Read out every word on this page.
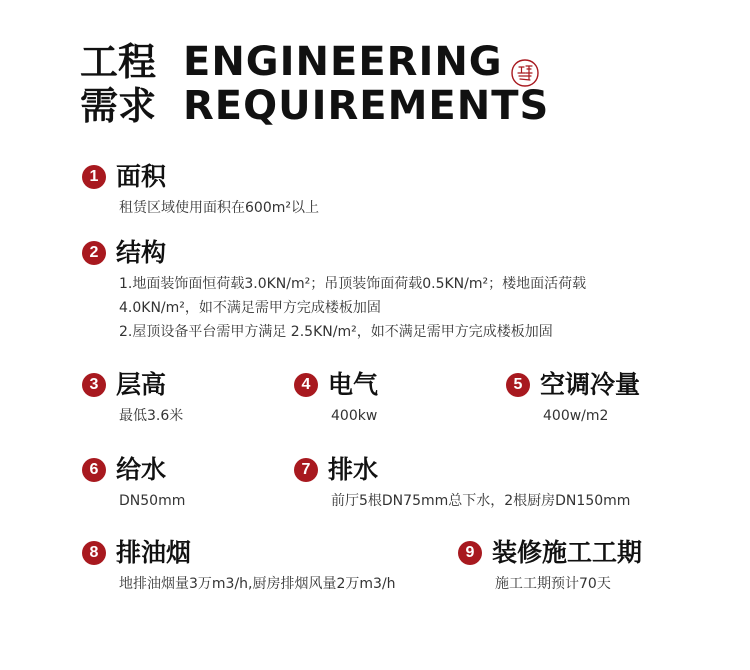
工程
需求
ENGINEERING
REQUIREMENTS
1 面积
租赁区域使用面积在600m²以上
2 结构
1.地面装饰面恒荷载3.0KN/m²；吊顶装饰面荷载0.5KN/m²；楼地面活荷载
4.0KN/m²，如不满足需甲方完成楼板加固
2.屋顶设备平台需甲方满足 2.5KN/m²，如不满足需甲方完成楼板加固
3 层高
最低3.6米
4 电气
400kw
5 空调冷量
400w/m2
6 给水
DN50mm
7 排水
前厅5根DN75mm总下水，2根厨房DN150mm
8 排油烟
地排油烟量3万m3/h,厨房排烟风量2万m3/h
9 装修施工工期
施工工期预计70天
